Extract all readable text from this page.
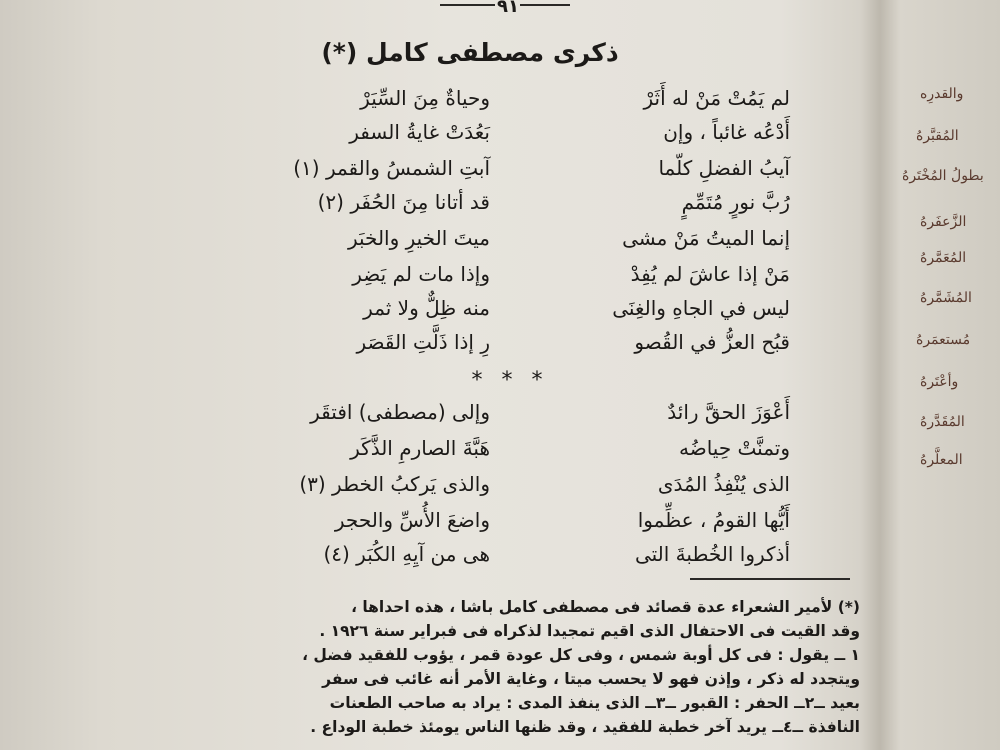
٩١
ذكرى مصطفى كامل (*)
لم يَمُتْ مَنْ له أَثَرْ
وحياةٌ مِنَ السِّيَرْ
أَدْعُه غائباً ، وإن
بَعُدَتْ غايةُ السفر
آيبُ الفضلِ كلّما
آبتِ الشمسُ والقمر (١)
رُبَّ نورٍ مُتَمِّمٍ
قد أتانا مِنَ الحُفَر (٢)
إنما الميتُ مَنْ مشى
ميتَ الخيرِ والخبَر
مَنْ إذا عاشَ لم يُفِدْ
وإذا مات لم يَضِر
ليس في الجاهِ والغِنَى
منه ظِلٌّ ولا ثمر
قبُح العزُّ في القُصو
رِ إذا ذَلَّتِ القَصَر
* * *
أَعْوَزَ الحقَّ رائدٌ
وإلى (مصطفى) افتقَر
وتمنَّتْ حِياضُه
هَبَّةَ الصارمِ الذَّكَر
الذى يُنْفِذُ المُدَى
والذى يَركبُ الخطر (٣)
أَيُّها القومُ ، عظِّموا
واضعَ الأُسِّ والحجر
أذكروا الخُطبةَ التى
هى من آيِهِ الكُبَر (٤)
(*) لأمير الشعراء عدة قصائد فى مصطفى كامل باشا ، هذه احداها ،
وقد القيت فى الاحتفال الذى اقيم تمجيدا لذكراه فى فبراير سنة ١٩٢٦ .
١ ــ يقول : فى كل أوبة شمس ، وفى كل عودة قمر ، يؤوب للفقيد فضل ،
ويتجدد له ذكر ، وإذن فهو لا يحسب ميتا ، وغاية الأمر أنه غائب فى سفر
بعيد ــ٢ــ الحفر : القبور ــ٣ــ الذى ينفذ المدى : يراد به صاحب الطعنات
النافذة ــ٤ــ يريد آخر خطبة للفقيد ، وقد ظنها الناس يومئذ خطبة الوداع .
والقدرِه
المُقبَّرهُ
بطولُ المُخْتَرهُ
الزَّعفَرهُ
المُعَمَّرهُ
المُشَمَّرهُ
مُستعمَرهُ
وأعْتَرهُ
المُقَدَّرهُ
المعلَّرهُ
